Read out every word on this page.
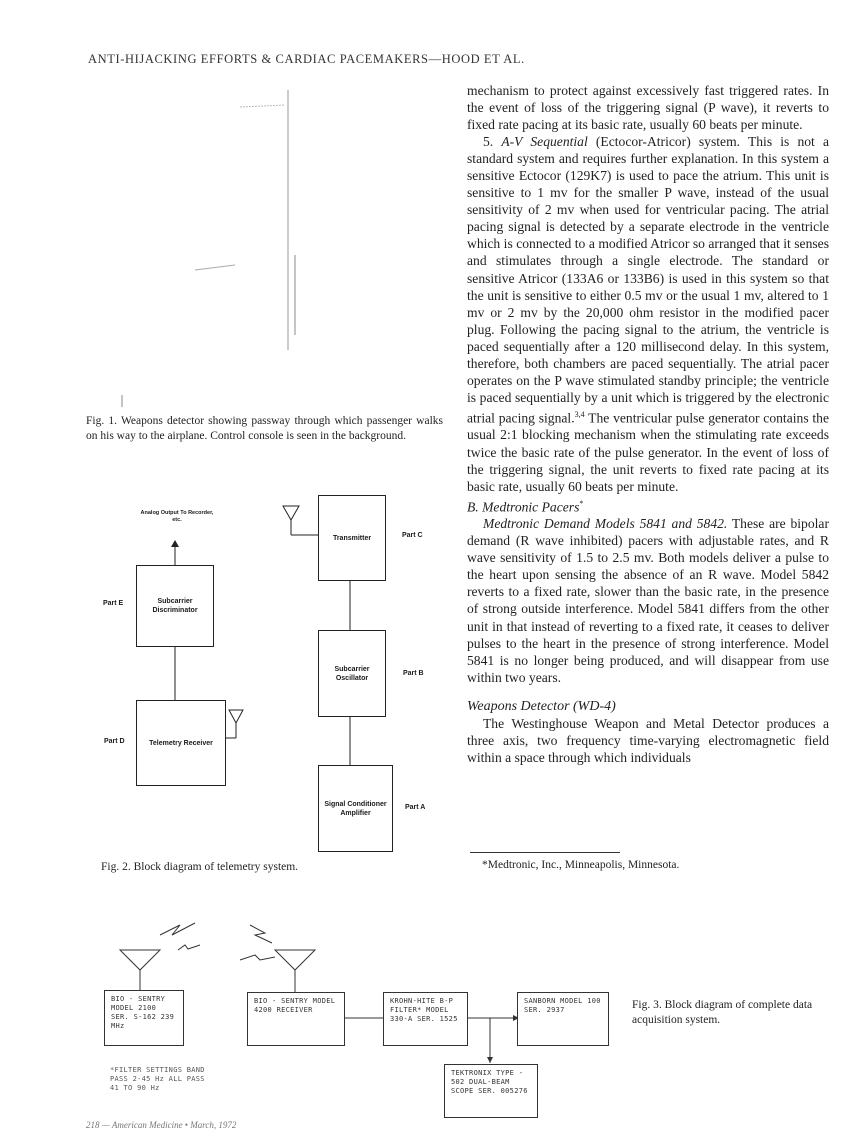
ANTI-HIJACKING EFFORTS & CARDIAC PACEMAKERS—HOOD ET AL.
Fig. 1. Weapons detector showing passway through which passenger walks on his way to the airplane. Control console is seen in the background.
Analog Output To Recorder, etc.
Transmitter
Subcarrier Discriminator
Subcarrier Oscillator
Telemetry Receiver
Signal Conditioner Amplifier
Part C
Part E
Part B
Part D
Part A
Fig. 2. Block diagram of telemetry system.

mechanism to protect against excessively fast triggered rates. In the event of loss of the triggering signal (P wave), it reverts to fixed rate pacing at its basic rate, usually 60 beats per minute.

5. A-V Sequential (Ectocor-Atricor) system. This is not a standard system and requires further explanation. In this system a sensitive Ectocor (129K7) is used to pace the atrium. This unit is sensitive to 1 mv for the smaller P wave, instead of the usual sensitivity of 2 mv when used for ventricular pacing. The atrial pacing signal is detected by a separate electrode in the ventricle which is connected to a modified Atricor so arranged that it senses and stimulates through a single electrode. The standard or sensitive Atricor (133A6 or 133B6) is used in this system so that the unit is sensitive to either 0.5 mv or the usual 1 mv, altered to 1 mv or 2 mv by the 20,000 ohm resistor in the modified pacer plug. Following the pacing signal to the atrium, the ventricle is paced sequentially after a 120 millisecond delay. In this system, therefore, both chambers are paced sequentially. The atrial pacer operates on the P wave stimulated standby principle; the ventricle is paced sequentially by a unit which is triggered by the electronic atrial pacing signal.$^{3,4}$ The ventricular pulse generator contains the usual 2:1 blocking mechanism when the stimulating rate exceeds twice the basic rate of the pulse generator. In the event of loss of the triggering signal, the unit reverts to fixed rate pacing at its basic rate, usually 60 beats per minute.

B. Medtronic Pacers*

Medtronic Demand Models 5841 and 5842. These are bipolar demand (R wave inhibited) pacers with adjustable rates, and R wave sensitivity of 1.5 to 2.5 mv. Both models deliver a pulse to the heart upon sensing the absence of an R wave. Model 5842 reverts to a fixed rate, slower than the basic rate, in the presence of strong outside interference. Model 5841 differs from the other unit in that instead of reverting to a fixed rate, it ceases to deliver pulses to the heart in the presence of strong interference. Model 5841 is no longer being produced, and will disappear from use within two years.

Weapons Detector (WD-4)

The Westinghouse Weapon and Metal Detector produces a three axis, two frequency time-varying electromagnetic field within a space through which individuals

*Medtronic, Inc., Minneapolis, Minnesota.
BIO - SENTRY MODEL 2100 SER. S-162 239 MHz
BIO - SENTRY MODEL 4200 RECEIVER
KROHN-HITE B-P FILTER* MODEL 330-A SER. 1525
SANBORN MODEL 100 SER. 2937
TEKTRONIX TYPE - 502 DUAL-BEAM SCOPE SER. 005276
*FILTER SETTINGS BAND PASS 2-45 Hz ALL PASS 41 TO 90 Hz
Fig. 3. Block diagram of complete data acquisition system.
218 — American Medicine • March, 1972
